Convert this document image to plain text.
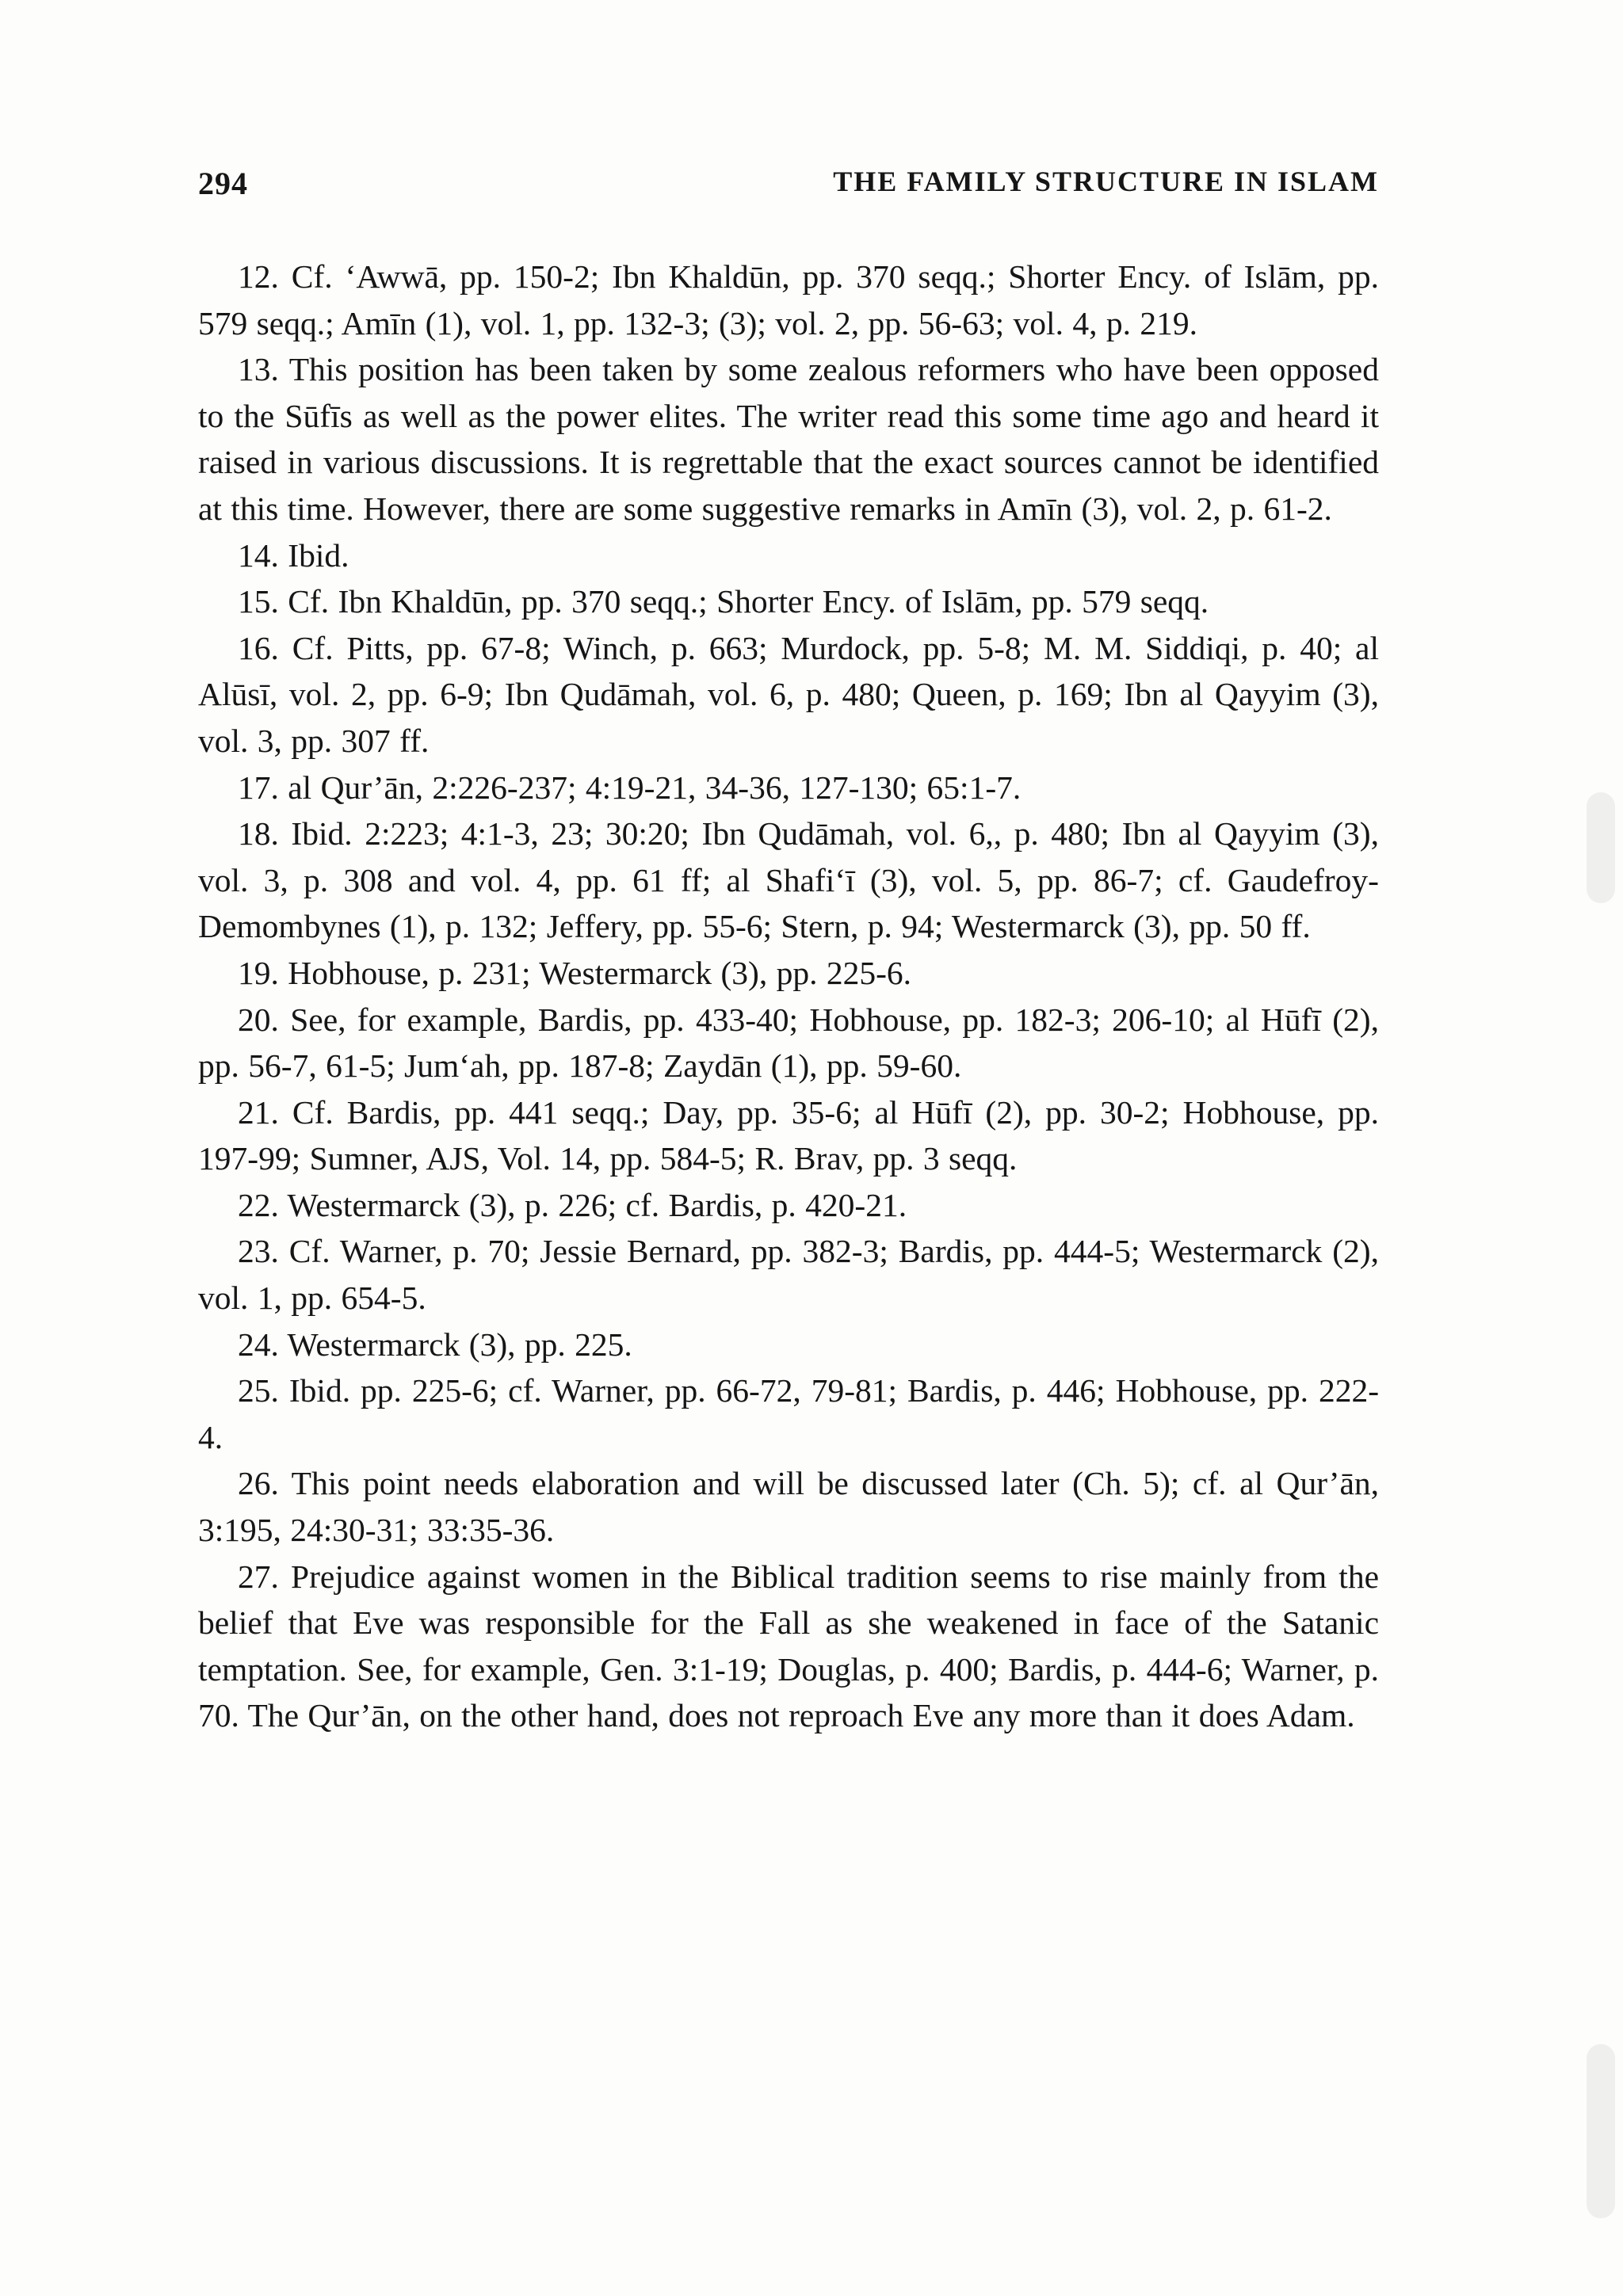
294	THE FAMILY STRUCTURE IN ISLAM

12. Cf. ‘Awwā, pp. 150-2; Ibn Khaldūn, pp. 370 seqq.; Shorter Ency. of Islām, pp. 579 seqq.; Amīn (1), vol. 1, pp. 132-3; (3); vol. 2, pp. 56-63; vol. 4, p. 219.

13. This position has been taken by some zealous reformers who have been opposed to the Sūfīs as well as the power elites. The writer read this some time ago and heard it raised in various discussions. It is regrettable that the exact sources cannot be identified at this time. However, there are some suggestive remarks in Amīn (3), vol. 2, p. 61-2.

14. Ibid.

15. Cf. Ibn Khaldūn, pp. 370 seqq.; Shorter Ency. of Islām, pp. 579 seqq.

16. Cf. Pitts, pp. 67-8; Winch, p. 663; Murdock, pp. 5-8; M. M. Siddiqi, p. 40; al Alūsī, vol. 2, pp. 6-9; Ibn Qudāmah, vol. 6, p. 480; Queen, p. 169; Ibn al Qayyim (3), vol. 3, pp. 307 ff.

17. al Qur’ān, 2:226-237; 4:19-21, 34-36, 127-130; 65:1-7.

18. Ibid. 2:223; 4:1-3, 23; 30:20; Ibn Qudāmah, vol. 6,, p. 480; Ibn al Qayyim (3), vol. 3, p. 308 and vol. 4, pp. 61 ff; al Shafi‘ī (3), vol. 5, pp. 86-7; cf. Gaudefroy-Demombynes (1), p. 132; Jeffery, pp. 55-6; Stern, p. 94; Westermarck (3), pp. 50 ff.

19. Hobhouse, p. 231; Westermarck (3), pp. 225-6.

20. See, for example, Bardis, pp. 433-40; Hobhouse, pp. 182-3; 206-10; al Hūfī (2), pp. 56-7, 61-5; Jum‘ah, pp. 187-8; Zaydān (1), pp. 59-60.

21. Cf. Bardis, pp. 441 seqq.; Day, pp. 35-6; al Hūfī (2), pp. 30-2; Hobhouse, pp. 197-99; Sumner, AJS, Vol. 14, pp. 584-5; R. Brav, pp. 3 seqq.

22. Westermarck (3), p. 226; cf. Bardis, p. 420-21.

23. Cf. Warner, p. 70; Jessie Bernard, pp. 382-3; Bardis, pp. 444-5; Westermarck (2), vol. 1, pp. 654-5.

24. Westermarck (3), pp. 225.

25. Ibid. pp. 225-6; cf. Warner, pp. 66-72, 79-81; Bardis, p. 446; Hobhouse, pp. 222-4.

26. This point needs elaboration and will be discussed later (Ch. 5); cf. al Qur’ān, 3:195, 24:30-31; 33:35-36.

27. Prejudice against women in the Biblical tradition seems to rise mainly from the belief that Eve was responsible for the Fall as she weakened in face of the Satanic temptation. See, for example, Gen. 3:1-19; Douglas, p. 400; Bardis, p. 444-6; Warner, p. 70. The Qur’ān, on the other hand, does not reproach Eve any more than it does Adam.
